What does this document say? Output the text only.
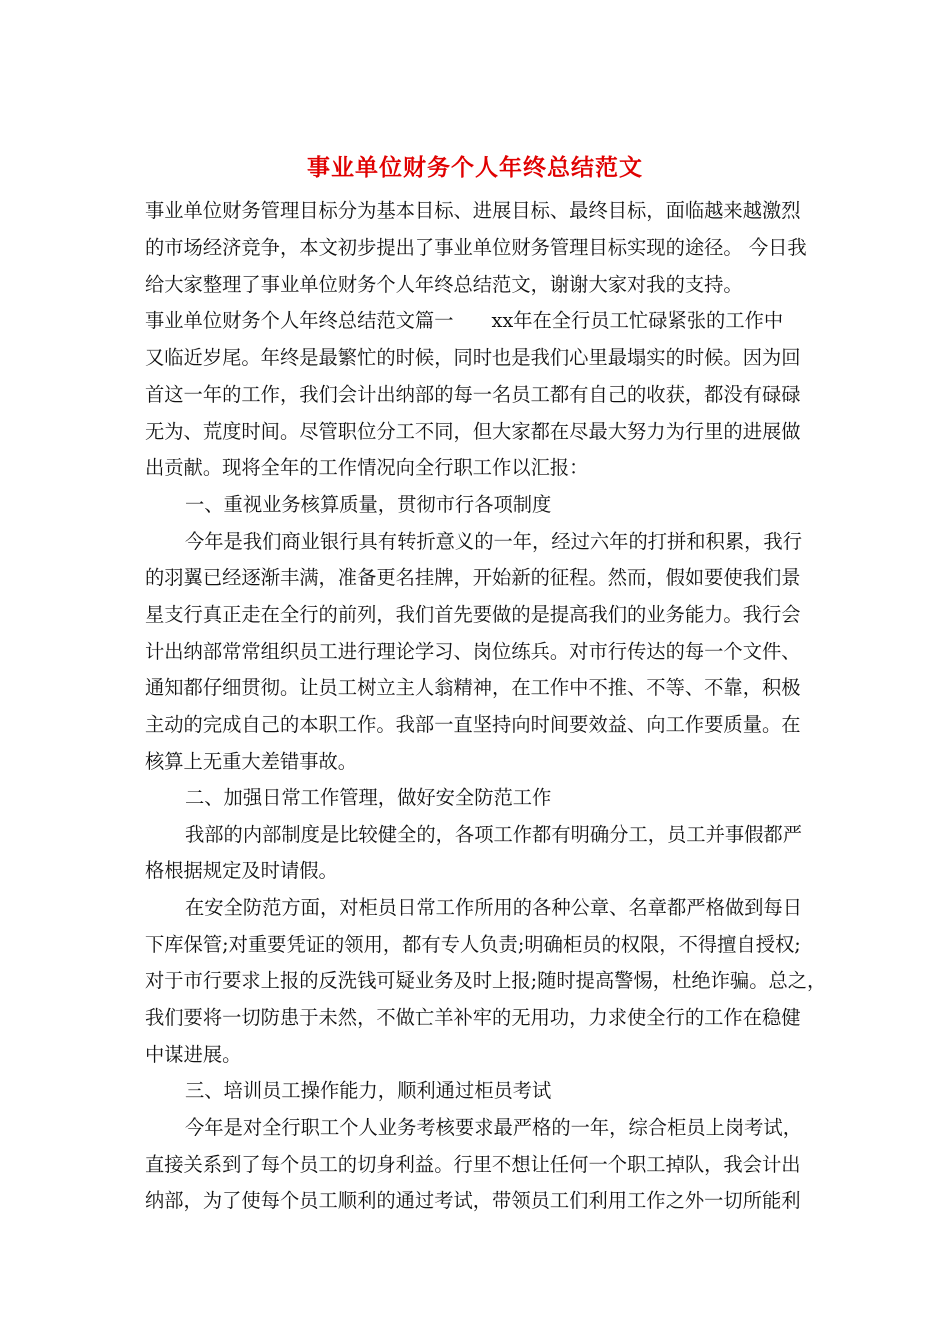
事业单位财务个人年终总结范文
事业单位财务管理目标分为基本目标、进展目标、最终目标，面临越来越激烈
的市场经济竞争，本文初步提出了事业单位财务管理目标实现的途径。 今日我
给大家整理了事业单位财务个人年终总结范文，谢谢大家对我的支持。
事业单位财务个人年终总结范文篇一 xx年在全行员工忙碌紧张的工作中
又临近岁尾。年终是最繁忙的时候，同时也是我们心里最塌实的时候。因为回
首这一年的工作，我们会计出纳部的每一名员工都有自己的收获，都没有碌碌
无为、荒度时间。尽管职位分工不同，但大家都在尽最大努力为行里的进展做
出贡献。现将全年的工作情况向全行职工作以汇报：
一、重视业务核算质量，贯彻市行各项制度
今年是我们商业银行具有转折意义的一年，经过六年的打拼和积累，我行
的羽翼已经逐渐丰满，准备更名挂牌，开始新的征程。然而，假如要使我们景
星支行真正走在全行的前列，我们首先要做的是提高我们的业务能力。我行会
计出纳部常常组织员工进行理论学习、岗位练兵。对市行传达的每一个文件、
通知都仔细贯彻。让员工树立主人翁精神，在工作中不推、不等、不靠，积极
主动的完成自己的本职工作。我部一直坚持向时间要效益、向工作要质量。在
核算上无重大差错事故。
二、加强日常工作管理，做好安全防范工作
我部的内部制度是比较健全的，各项工作都有明确分工，员工并事假都严
格根据规定及时请假。
在安全防范方面，对柜员日常工作所用的各种公章、名章都严格做到每日
下库保管;对重要凭证的领用，都有专人负责;明确柜员的权限，不得擅自授权;
对于市行要求上报的反洗钱可疑业务及时上报;随时提高警惕，杜绝诈骗。总之，
我们要将一切防患于未然，不做亡羊补牢的无用功，力求使全行的工作在稳健
中谋进展。
三、培训员工操作能力，顺利通过柜员考试
今年是对全行职工个人业务考核要求最严格的一年，综合柜员上岗考试，
直接关系到了每个员工的切身利益。行里不想让任何一个职工掉队，我会计出
纳部，为了使每个员工顺利的通过考试，带领员工们利用工作之外一切所能利
